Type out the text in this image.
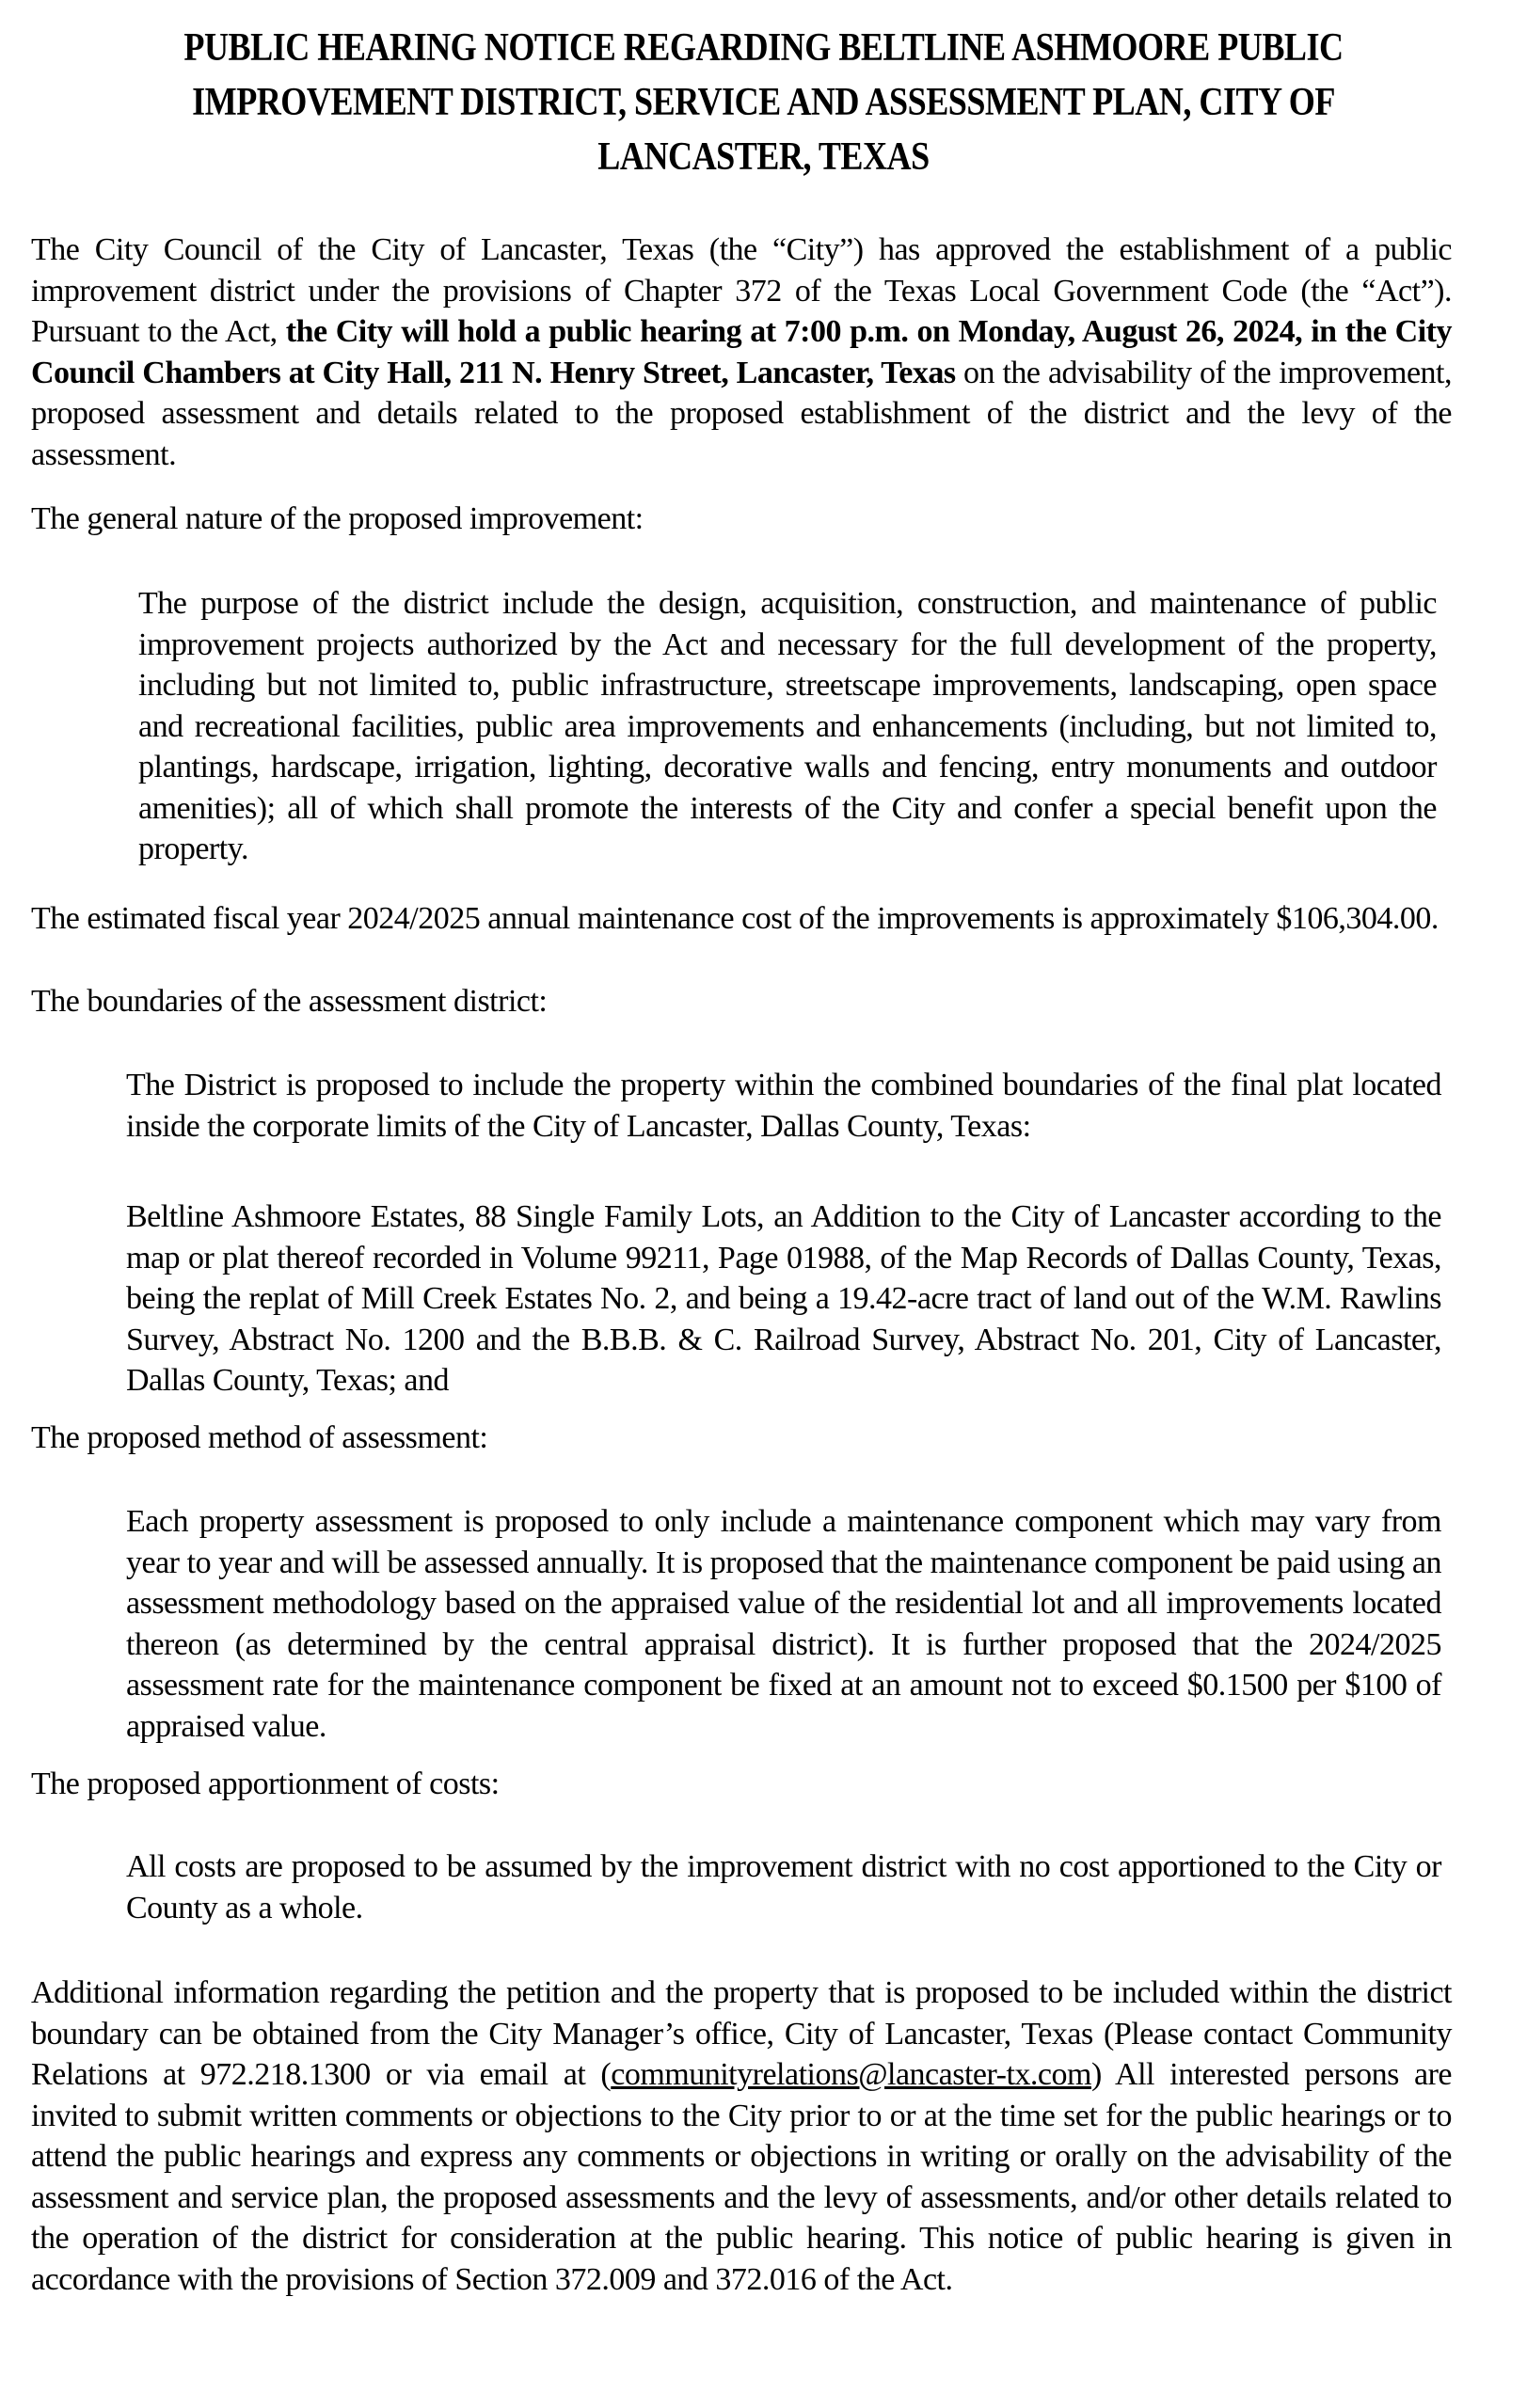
PUBLIC HEARING NOTICE REGARDING BELTLINE ASHMOORE PUBLIC IMPROVEMENT DISTRICT, SERVICE AND ASSESSMENT PLAN, CITY OF LANCASTER, TEXAS

The City Council of the City of Lancaster, Texas (the “City”) has approved the establishment of a public improvement district under the provisions of Chapter 372 of the Texas Local Government Code (the “Act”). Pursuant to the Act, the City will hold a public hearing at 7:00 p.m. on Monday, August 26, 2024, in the City Council Chambers at City Hall, 211 N. Henry Street, Lancaster, Texas on the advisability of the improvement, proposed assessment and details related to the proposed establishment of the district and the levy of the assessment.

The general nature of the proposed improvement:

The purpose of the district include the design, acquisition, construction, and maintenance of public improvement projects authorized by the Act and necessary for the full development of the property, including but not limited to, public infrastructure, streetscape improvements, landscaping, open space and recreational facilities, public area improvements and enhancements (including, but not limited to, plantings, hardscape, irrigation, lighting, decorative walls and fencing, entry monuments and outdoor amenities); all of which shall promote the interests of the City and confer a special benefit upon the property.

The estimated fiscal year 2024/2025 annual maintenance cost of the improvements is approximately $106,304.00.

The boundaries of the assessment district:

The District is proposed to include the property within the combined boundaries of the final plat located inside the corporate limits of the City of Lancaster, Dallas County, Texas:

Beltline Ashmoore Estates, 88 Single Family Lots, an Addition to the City of Lancaster according to the map or plat thereof recorded in Volume 99211, Page 01988, of the Map Records of Dallas County, Texas, being the replat of Mill Creek Estates No. 2, and being a 19.42-acre tract of land out of the W.M. Rawlins Survey, Abstract No. 1200 and the B.B.B. & C. Railroad Survey, Abstract No. 201, City of Lancaster, Dallas County, Texas; and

The proposed method of assessment:

Each property assessment is proposed to only include a maintenance component which may vary from year to year and will be assessed annually. It is proposed that the maintenance component be paid using an assessment methodology based on the appraised value of the residential lot and all improvements located thereon (as determined by the central appraisal district). It is further proposed that the 2024/2025 assessment rate for the maintenance component be fixed at an amount not to exceed $0.1500 per $100 of appraised value.

The proposed apportionment of costs:

All costs are proposed to be assumed by the improvement district with no cost apportioned to the City or County as a whole.

Additional information regarding the petition and the property that is proposed to be included within the district boundary can be obtained from the City Manager’s office, City of Lancaster, Texas (Please contact Community Relations at 972.218.1300 or via email at (communityrelations@lancaster-tx.com) All interested persons are invited to submit written comments or objections to the City prior to or at the time set for the public hearings or to attend the public hearings and express any comments or objections in writing or orally on the advisability of the assessment and service plan, the proposed assessments and the levy of assessments, and/or other details related to the operation of the district for consideration at the public hearing. This notice of public hearing is given in accordance with the provisions of Section 372.009 and 372.016 of the Act.
